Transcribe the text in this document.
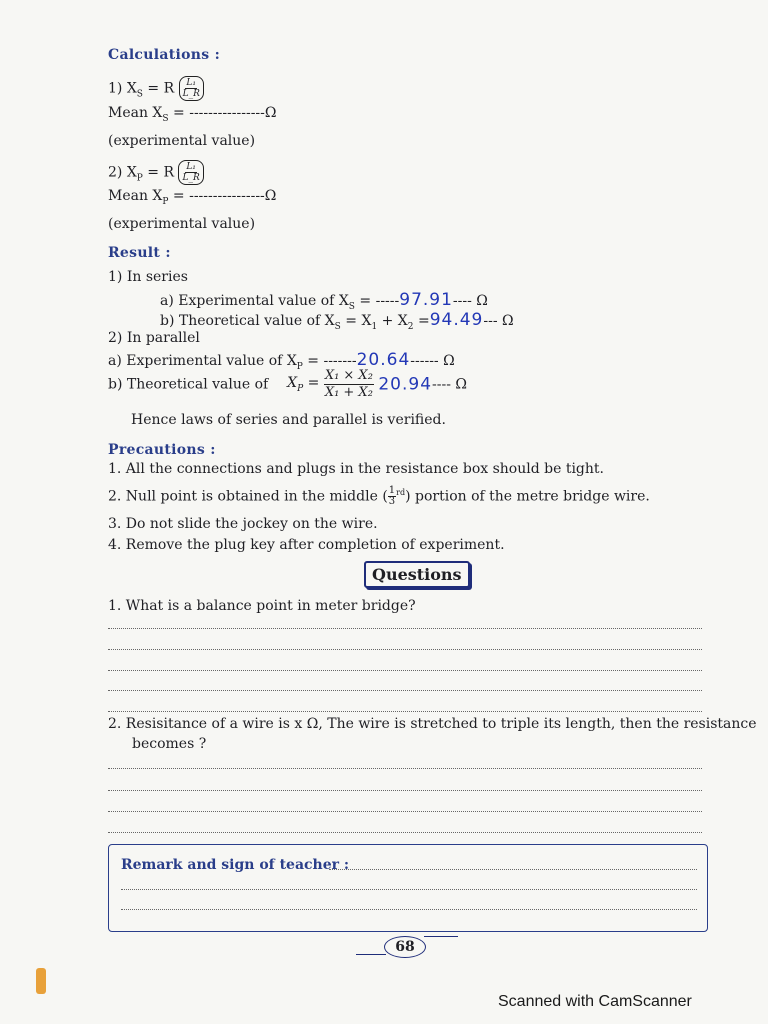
Calculations :
1) $X_S = R \frac{\text{L₁}}{L\_R}$
Mean $X_S = ----------------\Omega$
(experimental value)
2) $X_P = R \frac{\text{L₁}}{L\_R}$
Mean $X_P = ----------------\Omega$
(experimental value)
Result :
1) In series
a) Experimental value of $X_S = -----97.91----$ Ω
b) Theoretical value of $X_S = X_1 + X_2 =94.49---$ Ω
2) In parallel
a) Experimental value of $X_P = -------20.64------$ Ω
b) Theoretical value of $X_P = \frac{\text{X₁ × X₂}}{\text{X₁ + X₂}} 20.94----$ Ω
Hence laws of series and parallel is verified.
Precautions :
1. All the connections and plugs in the resistance box should be tight.
2. Null point is obtained in the middle ( $\frac{1}{3} ^{rd}$) portion of the metre bridge wire.
3. Do not slide the jockey on the wire.
4. Remove the plug key after completion of experiment.
Questions
1. What is a balance point in meter bridge?
2. Resisitance of a wire is x Ω, The wire is stretched to triple its length, then the resistance
becomes ?
Remark and sign of teacher :
68
Scanned with CamScanner
